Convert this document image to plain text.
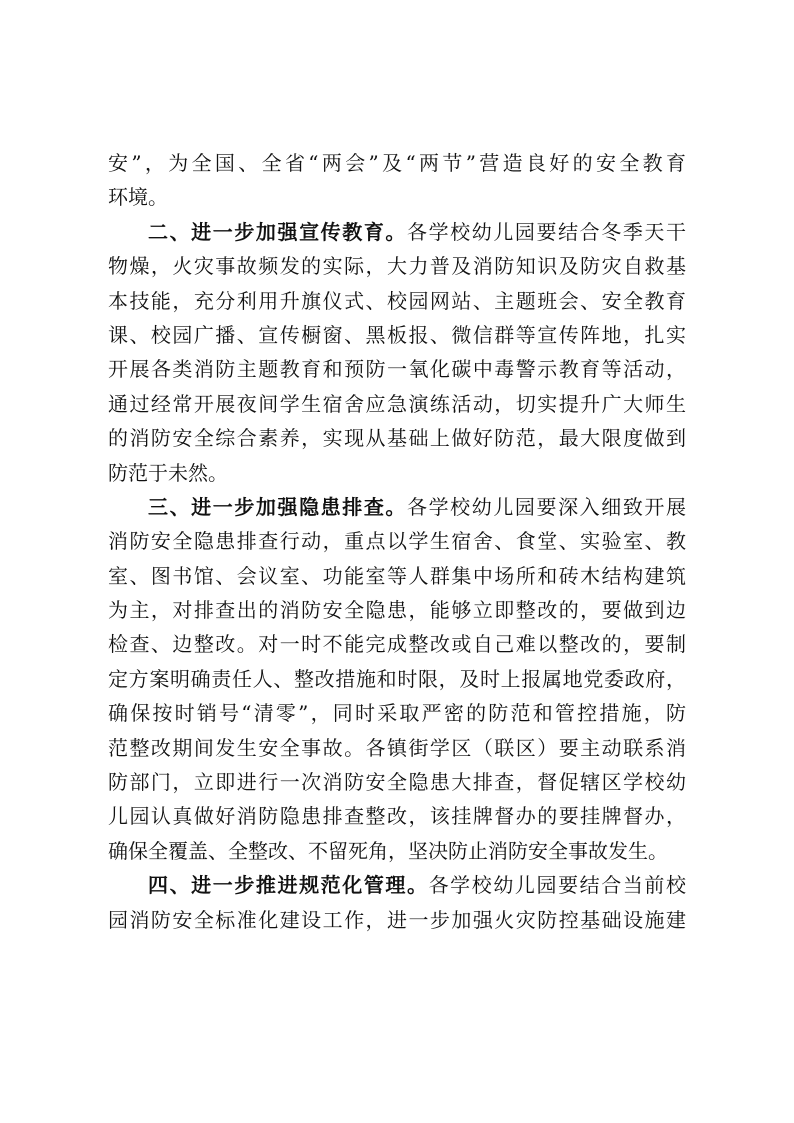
安”，为全国、全省“两会”及“两节”营造良好的安全教育
环境。
二、进一步加强宣传教育。各学校幼儿园要结合冬季天干
物燥，火灾事故频发的实际，大力普及消防知识及防灾自救基
本技能，充分利用升旗仪式、校园网站、主题班会、安全教育
课、校园广播、宣传橱窗、黑板报、微信群等宣传阵地，扎实
开展各类消防主题教育和预防一氧化碳中毒警示教育等活动，
通过经常开展夜间学生宿舍应急演练活动，切实提升广大师生
的消防安全综合素养，实现从基础上做好防范，最大限度做到
防范于未然。
三、进一步加强隐患排查。各学校幼儿园要深入细致开展
消防安全隐患排查行动，重点以学生宿舍、食堂、实验室、教
室、图书馆、会议室、功能室等人群集中场所和砖木结构建筑
为主，对排查出的消防安全隐患，能够立即整改的，要做到边
检查、边整改。对一时不能完成整改或自己难以整改的，要制
定方案明确责任人、整改措施和时限，及时上报属地党委政府，
确保按时销号“清零”，同时采取严密的防范和管控措施，防
范整改期间发生安全事故。各镇街学区（联区）要主动联系消
防部门，立即进行一次消防安全隐患大排查，督促辖区学校幼
儿园认真做好消防隐患排查整改，该挂牌督办的要挂牌督办，
确保全覆盖、全整改、不留死角，坚决防止消防安全事故发生。
四、进一步推进规范化管理。各学校幼儿园要结合当前校
园消防安全标准化建设工作，进一步加强火灾防控基础设施建
